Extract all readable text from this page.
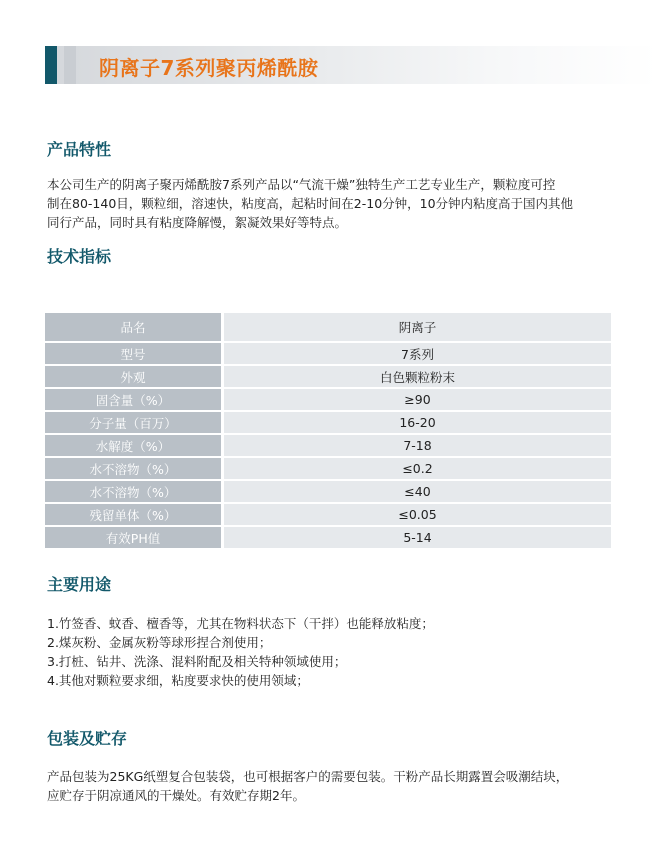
阴离子7系列聚丙烯酰胺
产品特性
本公司生产的阴离子聚丙烯酰胺7系列产品以“气流干燥”独特生产工艺专业生产，颗粒度可控
制在80-140目，颗粒细，溶速快，粘度高，起粘时间在2-10分钟，10分钟内粘度高于国内其他
同行产品，同时具有粘度降解慢，絮凝效果好等特点。
技术指标
品名	阴离子
型号	7系列
外观	白色颗粒粉末
固含量（%）	≥90
分子量（百万）	16-20
水解度（%）	7-18
水不溶物（%）	≤0.2
水不溶物（%）	≤40
残留单体（%）	≤0.05
有效PH值	5-14
主要用途
1.竹签香、蚊香、檀香等，尤其在物料状态下（干拌）也能释放粘度；
2.煤灰粉、金属灰粉等球形捏合剂使用；
3.打桩、钻井、洗涤、混料附配及相关特种领域使用；
4.其他对颗粒要求细，粘度要求快的使用领域；
包装及贮存
产品包装为25KG纸塑复合包装袋，也可根据客户的需要包装。干粉产品长期露置会吸潮结块，
应贮存于阴凉通风的干燥处。有效贮存期2年。
